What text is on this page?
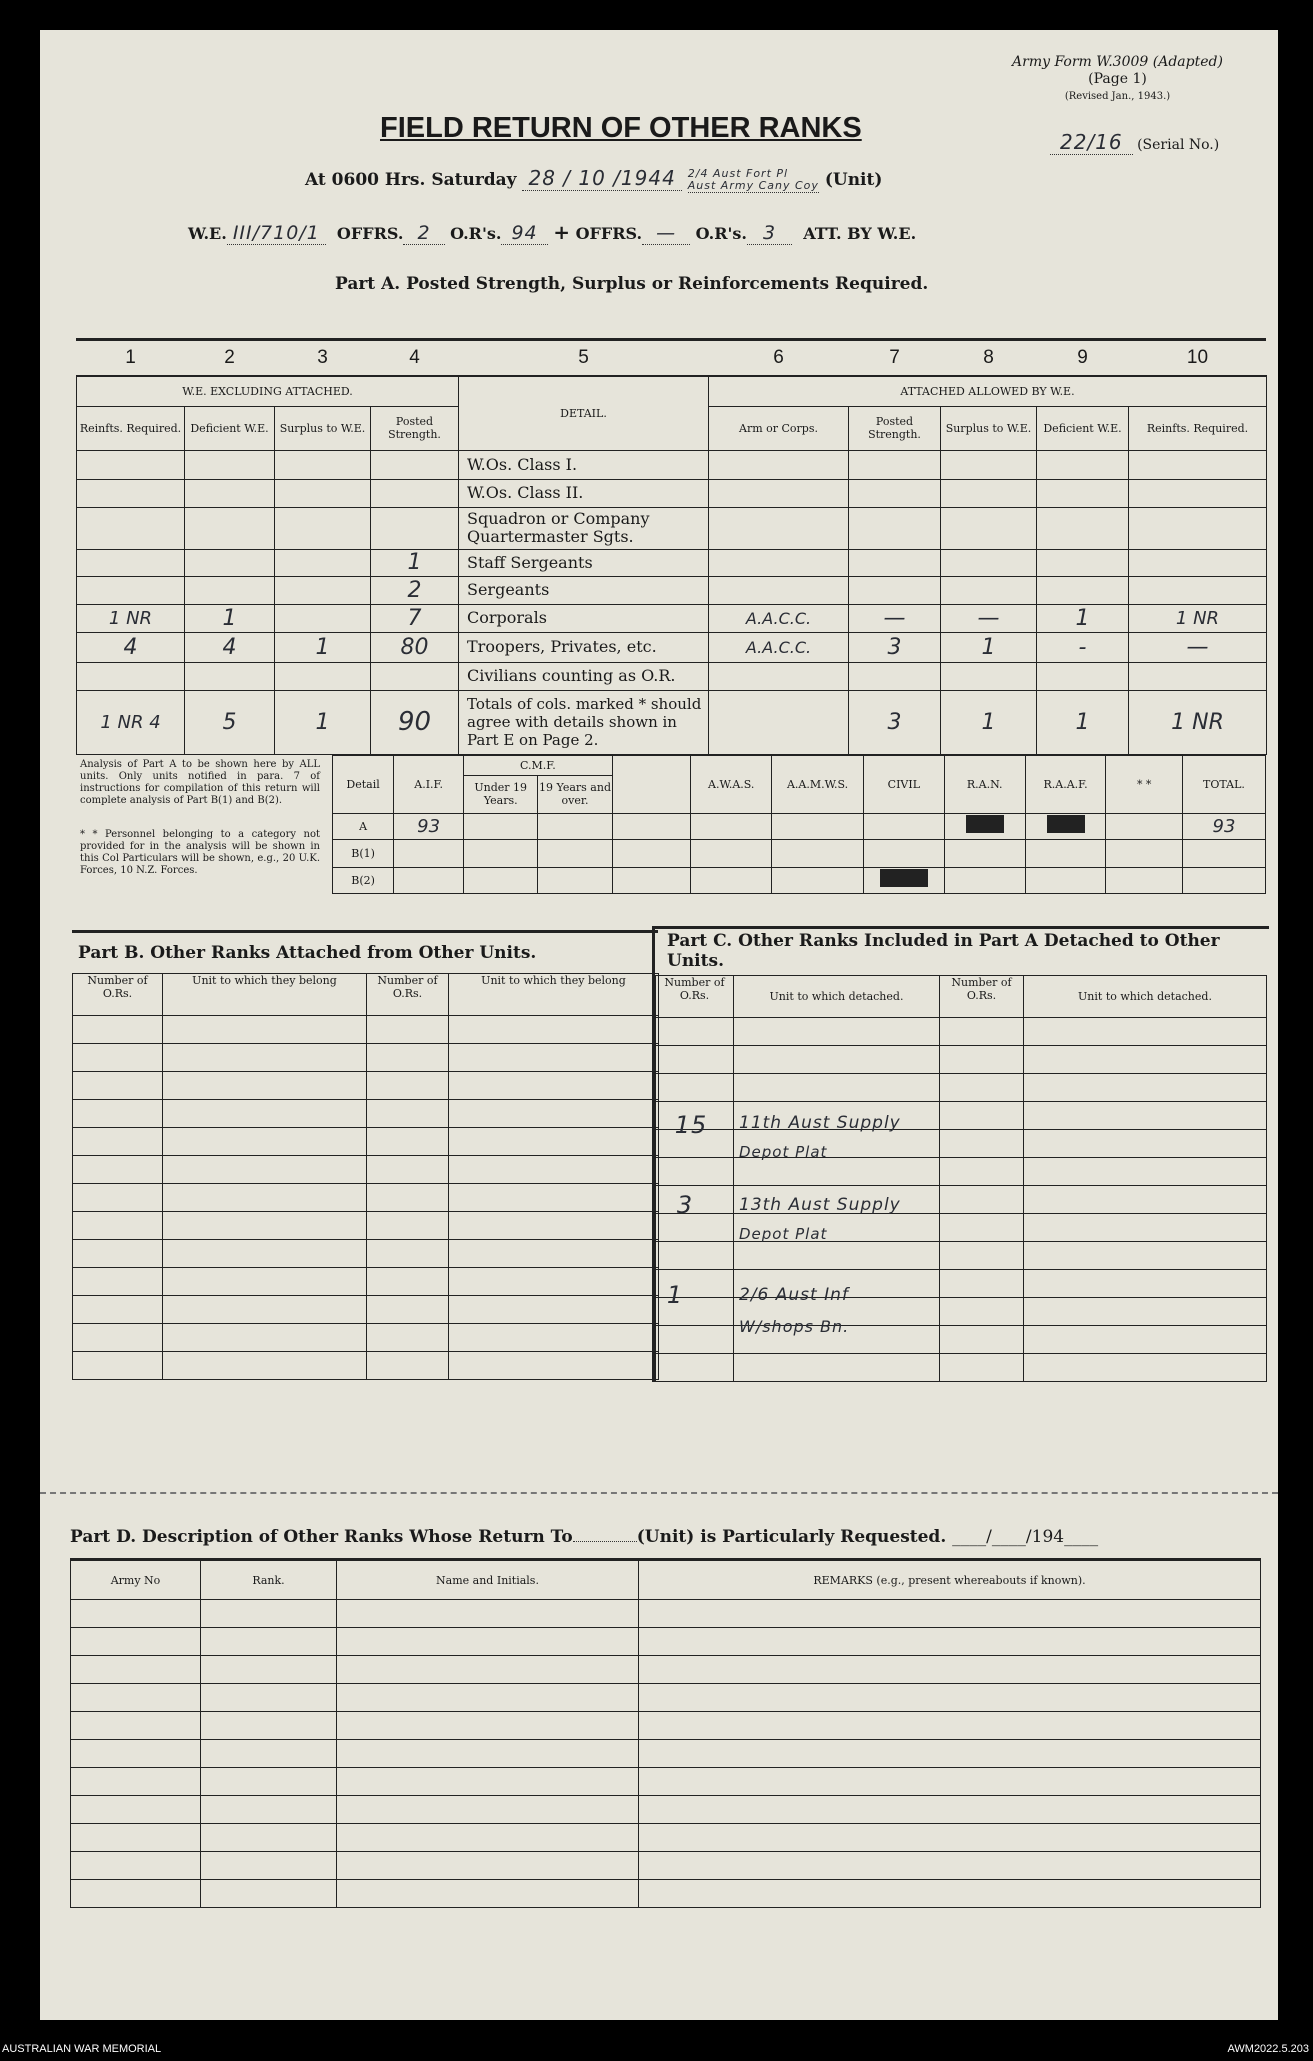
Army Form W.3009 (Adapted)
(Page 1)
(Revised Jan., 1943.)
22/16 (Serial No.)
FIELD RETURN OF OTHER RANKS
At 0600 Hrs. Saturday 28 / 10 /1944 2/4 Aust Fort Pl
Aust Army Cany Coy (Unit)
W.E. III/710/1 OFFRS. 2 O.R's. 94 + OFFRS. — O.R's. 3 ATT. BY W.E.
Part A. Posted Strength, Surplus or Reinforcements Required.
1	2	3	4	5	6	7	8	9	10
W.E. EXCLUDING ATTACHED.				DETAIL.	ATTACHED ALLOWED BY W.E.				
Reinfts. Required.	Deficient W.E.	Surplus to W.E.	Posted Strength.		Arm or Corps.	Posted Strength.	Surplus to W.E.	Deficient W.E.	Reinfts. Required.
				W.Os. Class I.					
				W.Os. Class II.					
				Squadron or Company Quartermaster Sgts.					
			1	Staff Sergeants					
			2	Sergeants					
1 NR	1		7	Corporals	A.A.C.C.	—	—	1	1 NR
4	4	1	80	Troopers, Privates, etc.	A.A.C.C.	3	1	-	—
				Civilians counting as O.R.					
1 NR 4	5	1	90	Totals of cols. marked * should agree with details shown in Part E on Page 2.		3	1	1	1 NR
Analysis of Part A to be shown here by ALL units. Only units notified in para. 7 of instructions for compilation of this return will complete analysis of Part B(1) and B(2).
* * Personnel belonging to a category not provided for in the analysis will be shown in this Col Particulars will be shown, e.g., 20 U.K. Forces, 10 N.Z. Forces.
Detail	A.I.F.	C.M.F.			A.W.A.S.	A.A.M.W.S.	CIVIL	R.A.N.	R.A.A.F.	* *	TOTAL.
		Under 19 Years.	19 Years and over.								
A	93										93
B(1)											
B(2)											
Part B. Other Ranks Attached from Other Units.
Number of O.Rs.	Unit to which they belong	Number of O.Rs.	Unit to which they belong

Part C. Other Ranks Included in Part A Detached to Other Units.
Number of O.Rs.	Unit to which detached.	Number of O.Rs.	Unit to which detached.

15	11th Aust Supply
Depot Plat
3	13th Aust Supply
Depot Plat
1	2/6 Aust Inf
W/shops Bn.
Part D. Description of Other Ranks Whose Return To	(Unit) is Particularly Requested. ____/____/194____
Army No	Rank.	Name and Initials.	REMARKS (e.g., present whereabouts if known).

AUSTRALIAN WAR MEMORIAL	AWM2022.5.203
